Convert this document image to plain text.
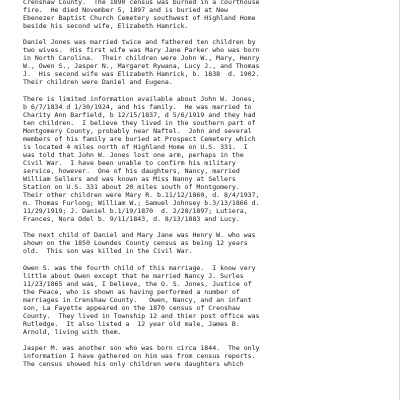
Crenshaw County.  The 1890 census was burned in a courthouse
fire.  He died November 5, 1897 and is buried at New
Ebenezer Baptist Church Cemetery southwest of Highland Home
beside his second wife, Elizabeth Hamrick.
Daniel Jones was married twice and fathered ten children by
two wives.  His first wife was Mary Jane Parker who was born
in North Carolina.  Their children were John W., Mary, Henry
W., Owen S., Jasper N., Margaret Rywana, Lucy J., and Thomas
J.  His second wife was Elizabeth Hamrick, b. 1838  d. 1902.
Their children were Daniel and Eugena.
There is limited information available about John W. Jones,
b 6/7/1834 d 1/30/1924, and his family.  He was married to
Charity Ann Barfield, b 12/15/1837, d 5/6/1919 and they had
ten children.  I believe they lived in the southern part of
Montgomery County, probably near Naftel.  John and several
members of his family are buried at Prospect Cemetery which
is located 4 miles north of Highland Home on U.S. 331.  I
was told that John W. Jones lost one arm, perhaps in the
Civil War.  I have been unable to confirm his military
service, however.  One of his daughters, Nancy, married
William Sellers and was known as Miss Nanny at Sellers
Station on U.S. 331 about 20 miles south of Montgomery.
Their other children were Mary R. b.11/12/1860, d. 8/4/1937,
m. Thomas Furlong; William W.; Samuel Johnsey b.3/13/1866 d.
11/29/1919; J. Daniel b.1/19/1870  d. 2/28/1897; Lutiera,
Frances, Nora Odel b. 9/11/1843, d. 8/13/1883 and Lucy.
The next child of Daniel and Mary Jane was Henry W. who was
shown on the 1850 Lowndes County census as being 12 years
old.  This son was killed in the Civil War.
Owen S. was the fourth child of this marriage.  I know very
little about Owen except that he married Nancy J. Surles
11/23/1865 and was, I believe, the O. S. Jones, Justice of
the Peace, who is shown as having performed a number of
marriages in Crenshaw County.   Owen, Nancy, and an infant
son, La Fayette appeared on the 1870 census of Crenshaw
County.  They lived in Township 12 and thier post office was
Rutledge.  It also listed a  12 year old male, James B.
Arnold, living with them.
Jasper M. was another son who was born circa 1844.  The only
information I have gathered on him was from census reports.
The census showed his only children were daughters which
